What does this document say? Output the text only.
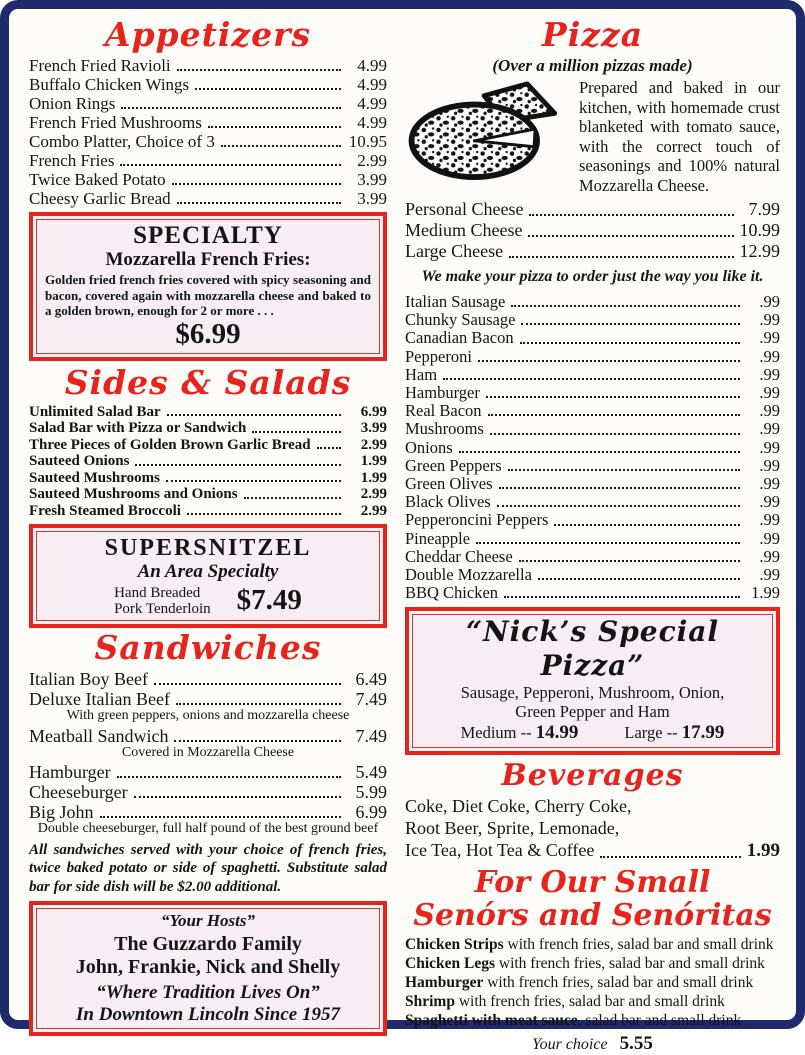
Appetizers
French Fried Ravioli	4.99
Buffalo Chicken Wings	4.99
Onion Rings	4.99
French Fried Mushrooms	4.99
Combo Platter, Choice of 3	10.95
French Fries	2.99
Twice Baked Potato	3.99
Cheesy Garlic Bread	3.99
SPECIALTY
Mozzarella French Fries:
Golden fried french fries covered with spicy seasoning and bacon, covered again with mozzarella cheese and baked to a golden brown, enough for 2 or more . . .
$6.99
Sides & Salads
Unlimited Salad Bar	6.99
Salad Bar with Pizza or Sandwich	3.99
Three Pieces of Golden Brown Garlic Bread	2.99
Sauteed Onions	1.99
Sauteed Mushrooms	1.99
Sauteed Mushrooms and Onions	2.99
Fresh Steamed Broccoli	2.99
SUPERSNITZEL
An Area Specialty
Hand Breaded
Pork Tenderloin $7.49
Sandwiches
Italian Boy Beef	6.49
Deluxe Italian Beef	7.49
With green peppers, onions and mozzarella cheese
Meatball Sandwich	7.49
Covered in Mozzarella Cheese
Hamburger	5.49
Cheeseburger	5.99
Big John	6.99
Double cheeseburger, full half pound of the best ground beef
All sandwiches served with your choice of french fries, twice baked potato or side of spaghetti. Substitute salad bar for side dish will be $2.00 additional.
“Your Hosts”
The Guzzardo Family
John, Frankie, Nick and Shelly
“Where Tradition Lives On”
In Downtown Lincoln Since 1957
Pizza
(Over a million pizzas made)
Prepared and baked in our kitchen, with homemade crust blanketed with tomato sauce, with the correct touch of seasonings and 100% natural Mozzarella Cheese.
Personal Cheese	7.99
Medium Cheese	10.99
Large Cheese	12.99
We make your pizza to order just the way you like it.
Italian Sausage	.99
Chunky Sausage	.99
Canadian Bacon	.99
Pepperoni	.99
Ham	.99
Hamburger	.99
Real Bacon	.99
Mushrooms	.99
Onions	.99
Green Peppers	.99
Green Olives	.99
Black Olives	.99
Pepperoncini Peppers	.99
Pineapple	.99
Cheddar Cheese	.99
Double Mozzarella	.99
BBQ Chicken	1.99
“Nick’s Special Pizza”
Sausage, Pepperoni, Mushroom, Onion,
Green Pepper and Ham
Medium -- 14.99	Large -- 17.99
Beverages
Coke, Diet Coke, Cherry Coke,
Root Beer, Sprite, Lemonade,
Ice Tea, Hot Tea & Coffee	1.99
For Our Small
Senórs and Senóritas
Chicken Strips with french fries, salad bar and small drink
Chicken Legs with french fries, salad bar and small drink
Hamburger with french fries, salad bar and small drink
Shrimp with french fries, salad bar and small drink
Spaghetti with meat sauce, salad bar and small drink
Your choice 5.55
